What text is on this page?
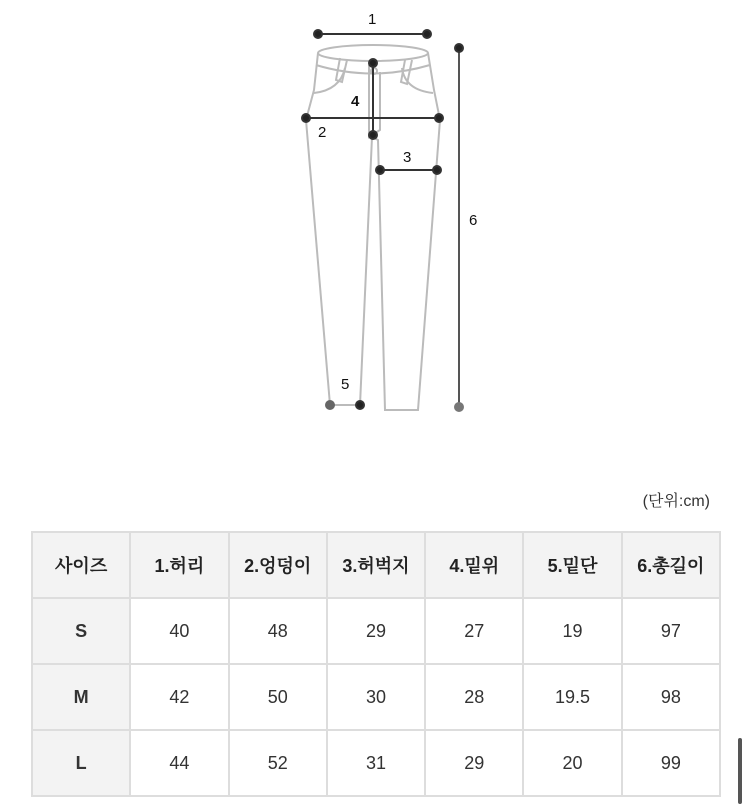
1
2
3
4
5
6
(단위:cm)
사이즈	1.허리	2.엉덩이	3.허벅지	4.밑위	5.밑단	6.총길이
S	40	48	29	27	19	97
M	42	50	30	28	19.5	98
L	44	52	31	29	20	99
